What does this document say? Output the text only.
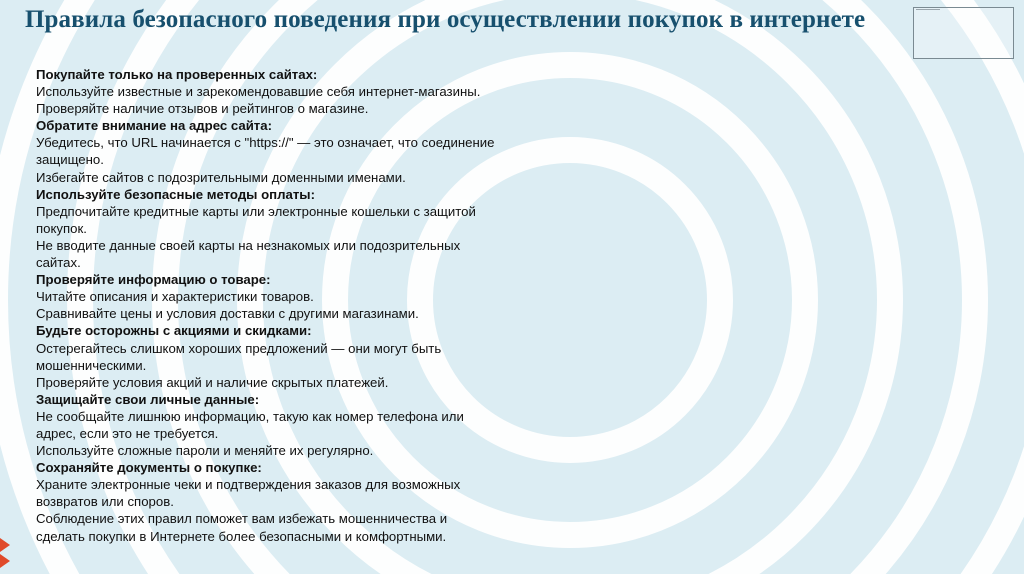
Правила безопасного поведения при осуществлении покупок в интернете

Покупайте только на проверенных сайтах:

Используйте известные и зарекомендовавшие себя интернет-магазины.

Проверяйте наличие отзывов и рейтингов о магазине.

Обратите внимание на адрес сайта:

Убедитесь, что URL начинается с "https://" — это означает, что соединение

защищено.

Избегайте сайтов с подозрительными доменными именами.

Используйте безопасные методы оплаты:

Предпочитайте кредитные карты или электронные кошельки с защитой

покупок.

Не вводите данные своей карты на незнакомых или подозрительных

сайтах.

Проверяйте информацию о товаре:

Читайте описания и характеристики товаров.

Сравнивайте цены и условия доставки с другими магазинами.

Будьте осторожны с акциями и скидками:

Остерегайтесь слишком хороших предложений — они могут быть

мошенническими.

Проверяйте условия акций и наличие скрытых платежей.

Защищайте свои личные данные:

Не сообщайте лишнюю информацию, такую как номер телефона или

адрес, если это не требуется.

Используйте сложные пароли и меняйте их регулярно.

Сохраняйте документы о покупке:

Храните электронные чеки и подтверждения заказов для возможных

возвратов или споров.

Соблюдение этих правил поможет вам избежать мошенничества и

сделать покупки в Интернете более безопасными и комфортными.
